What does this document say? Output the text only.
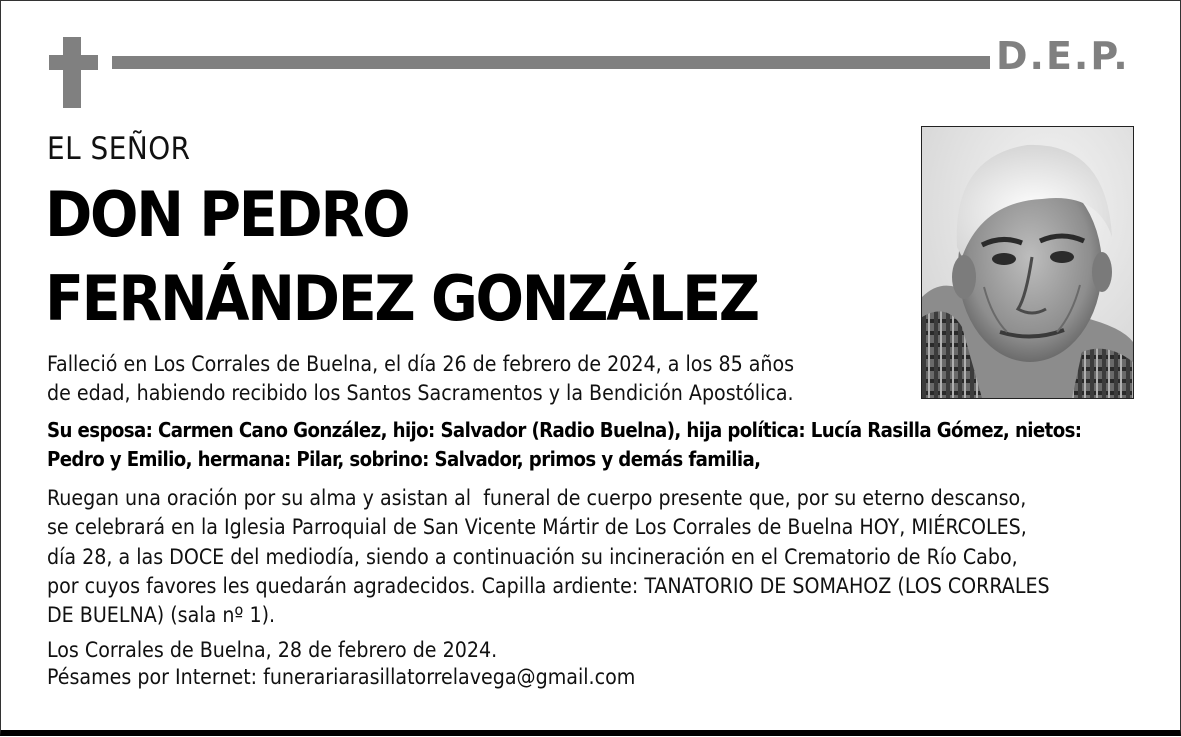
D.E.P.
EL SEÑOR
DON PEDRO
FERNÁNDEZ GONZÁLEZ

Falleció en Los Corrales de Buelna, el día 26 de febrero de 2024, a los 85 años
de edad, habiendo recibido los Santos Sacramentos y la Bendición Apostólica.

Su esposa: Carmen Cano González, hijo: Salvador (Radio Buelna), hija política: Lucía Rasilla Gómez, nietos:
Pedro y Emilio, hermana: Pilar, sobrino: Salvador, primos y demás familia,

Ruegan una oración por su alma y asistan al  funeral de cuerpo presente que, por su eterno descanso,
se celebrará en la Iglesia Parroquial de San Vicente Mártir de Los Corrales de Buelna HOY, MIÉRCOLES,
día 28, a las DOCE del mediodía, siendo a continuación su incineración en el Crematorio de Río Cabo,
por cuyos favores les quedarán agradecidos. Capilla ardiente: TANATORIO DE SOMAHOZ (LOS CORRALES
DE BUELNA) (sala nº 1).

Los Corrales de Buelna, 28 de febrero de 2024.

Pésames por Internet: funerariarasillatorrelavega@gmail.com
